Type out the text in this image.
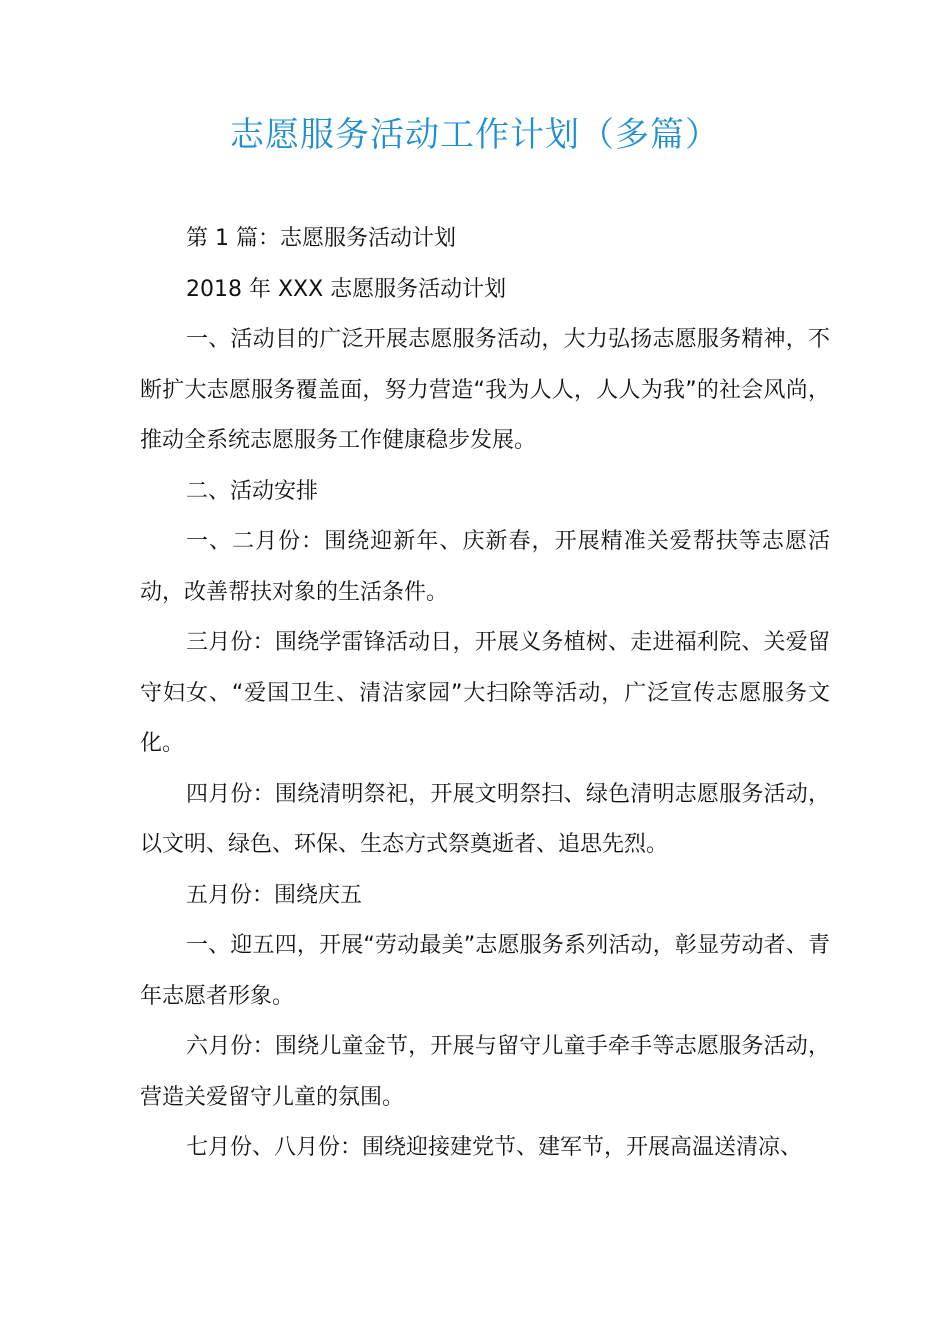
志愿服务活动工作计划（多篇）

第 1 篇：志愿服务活动计划

2018 年 XXX 志愿服务活动计划

一、活动目的广泛开展志愿服务活动，大力弘扬志愿服务精神，不断扩大志愿服务覆盖面，努力营造“我为人人，人人为我”的社会风尚，推动全系统志愿服务工作健康稳步发展。

二、活动安排

一、二月份：围绕迎新年、庆新春，开展精准关爱帮扶等志愿活动，改善帮扶对象的生活条件。

三月份：围绕学雷锋活动日，开展义务植树、走进福利院、关爱留守妇女、“爱国卫生、清洁家园”大扫除等活动，广泛宣传志愿服务文化。

四月份：围绕清明祭祀，开展文明祭扫、绿色清明志愿服务活动，以文明、绿色、环保、生态方式祭奠逝者、追思先烈。

五月份：围绕庆五

一、迎五四，开展“劳动最美”志愿服务系列活动，彰显劳动者、青年志愿者形象。

六月份：围绕儿童金节，开展与留守儿童手牵手等志愿服务活动，营造关爱留守儿童的氛围。

七月份、八月份：围绕迎接建党节、建军节，开展高温送清凉、
